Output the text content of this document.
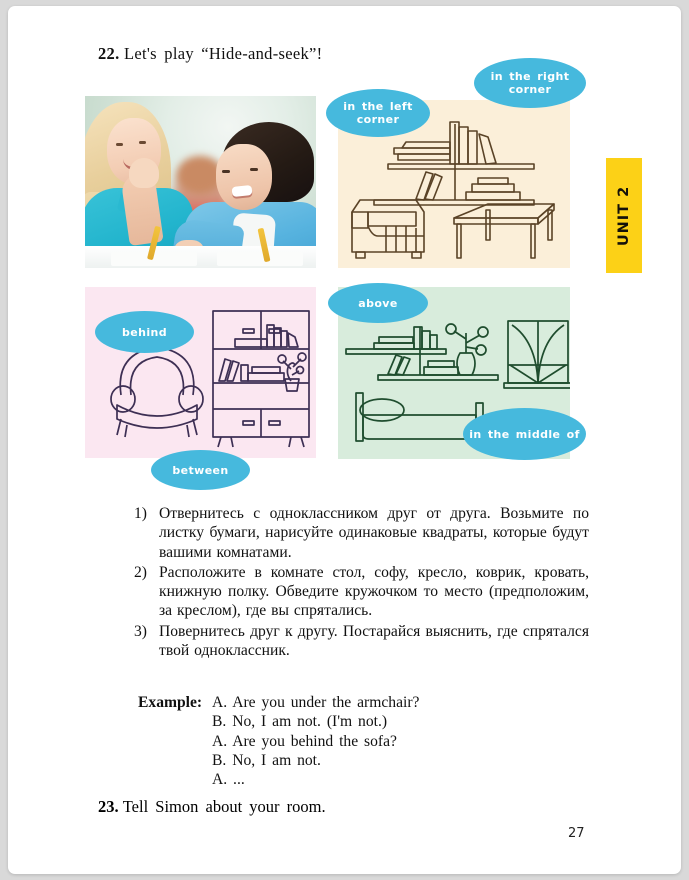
22. Let's play “Hide-and-seek”!
in the right corner
in the left corner
behind
above
between
in the middle of
UNIT 2
1) Отвернитесь с одноклассником друг от друга. Возьмите по листку бумаги, нарисуйте одинаковые квадраты, которые будут вашими комнатами.
2) Расположите в комнате стол, софу, кресло, коврик, кровать, книжную полку. Обведите кружочком то место (предположим, за креслом), где вы спрятались.
3) Повернитесь друг к другу. Постарайся выяснить, где спрятался твой одноклассник.
Example: A. Are you under the armchair?
B. No, I am not. (I'm not.)
A. Are you behind the sofa?
B. No, I am not.
A. ...
23. Tell Simon about your room.
27
